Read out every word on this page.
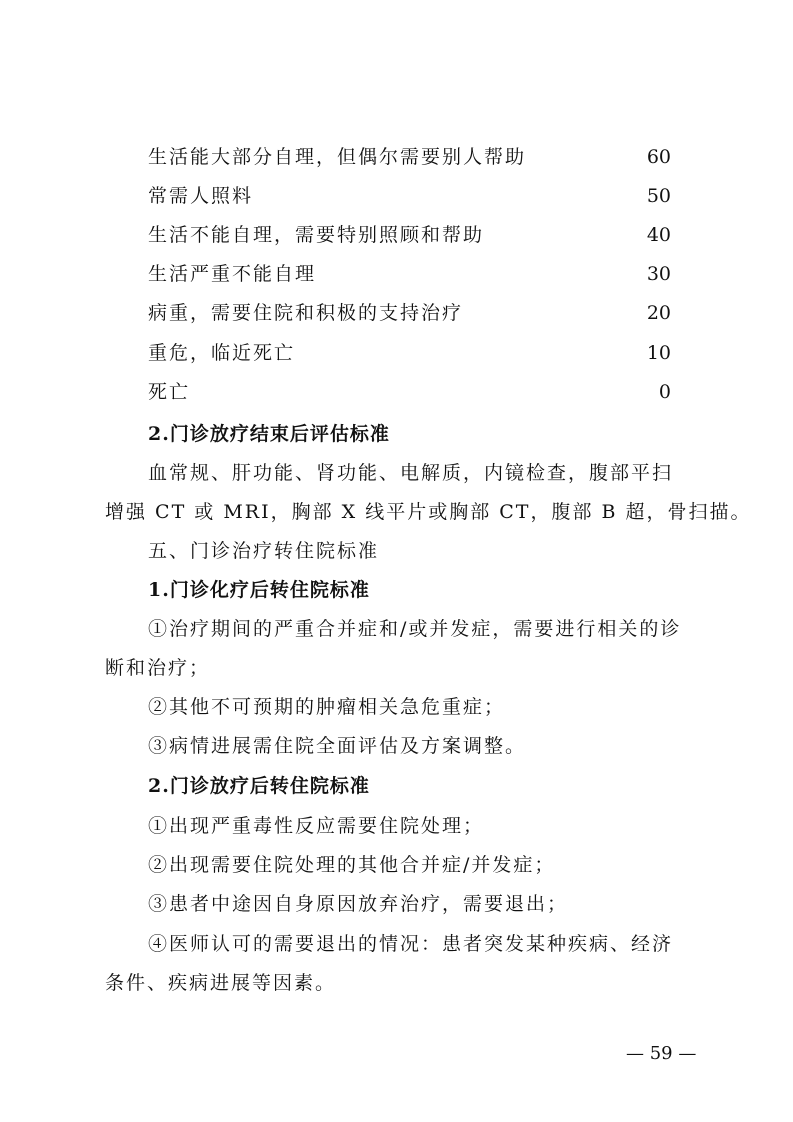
生活能大部分自理，但偶尔需要别人帮助	60
常需人照料	50
生活不能自理，需要特别照顾和帮助	40
生活严重不能自理	30
病重，需要住院和积极的支持治疗	20
重危，临近死亡	10
死亡	0
2.门诊放疗结束后评估标准
血常规、肝功能、肾功能、电解质，内镜检查，腹部平扫
增强 CT 或 MRI，胸部 X 线平片或胸部 CT，腹部 B 超，骨扫描。
五、门诊治疗转住院标准
1.门诊化疗后转住院标准
①治疗期间的严重合并症和/或并发症，需要进行相关的诊
断和治疗；
②其他不可预期的肿瘤相关急危重症；
③病情进展需住院全面评估及方案调整。
2.门诊放疗后转住院标准
①出现严重毒性反应需要住院处理；
②出现需要住院处理的其他合并症/并发症；
③患者中途因自身原因放弃治疗，需要退出；
④医师认可的需要退出的情况：患者突发某种疾病、经济
条件、疾病进展等因素。
— 59 —
